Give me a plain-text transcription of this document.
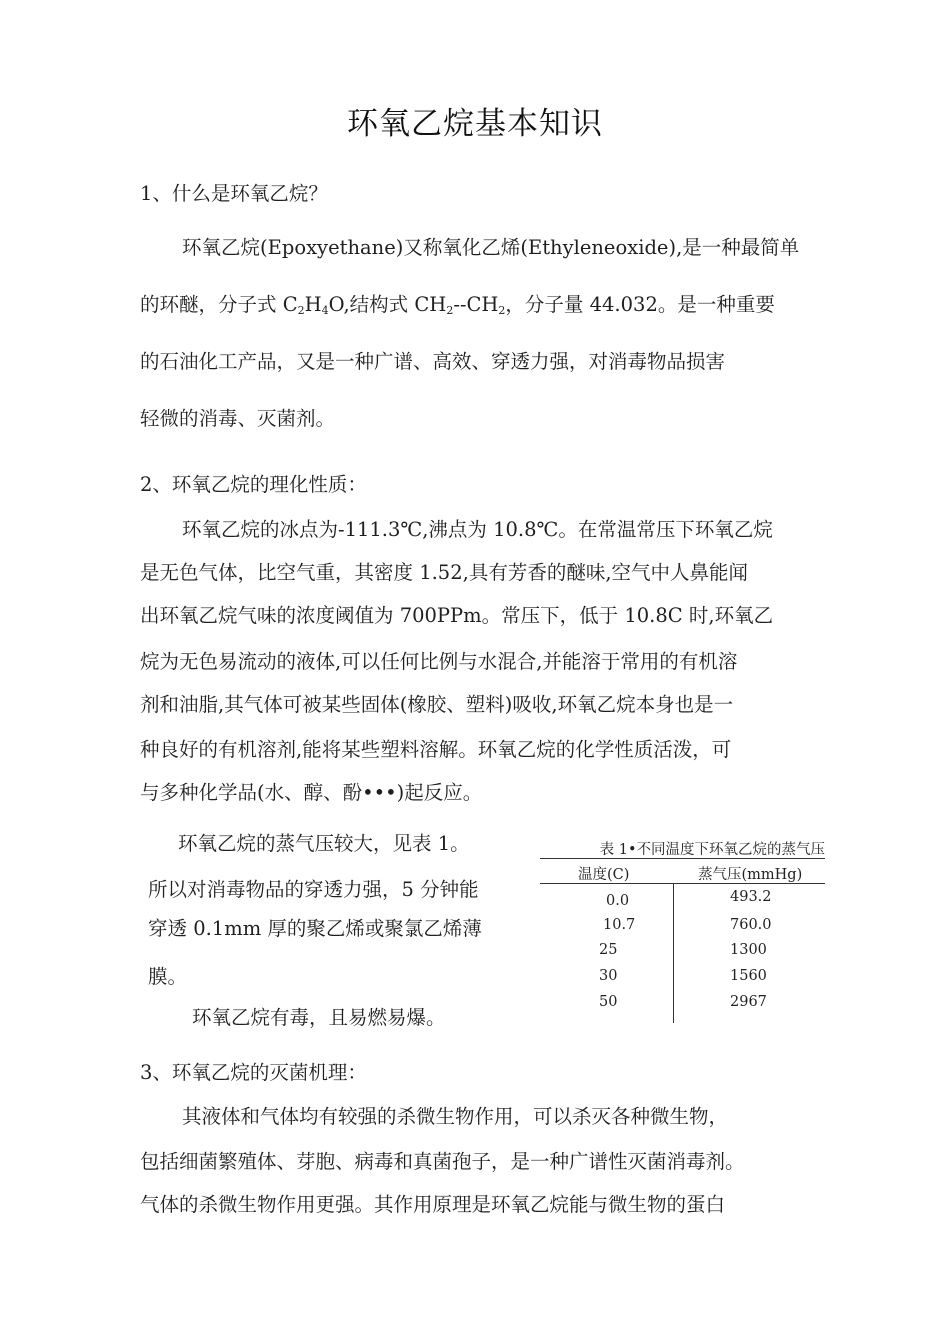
环氧乙烷基本知识
1、什么是环氧乙烷？
环氧乙烷(Epoxyethane)又称氧化乙烯(Ethyleneoxide),是一种最简单
的环醚，分子式 $C_2H_4O$,结构式 $CH_2--CH_2$，分子量 44.032。是一种重要
的石油化工产品，又是一种广谱、高效、穿透力强，对消毒物品损害
轻微的消毒、灭菌剂。
2、环氧乙烷的理化性质：
环氧乙烷的冰点为-111.3℃,沸点为 10.8℃。在常温常压下环氧乙烷
是无色气体，比空气重，其密度 1.52,具有芳香的醚味,空气中人鼻能闻
出环氧乙烷气味的浓度阈值为 700PPm。常压下，低于 10.8C 时,环氧乙
烷为无色易流动的液体,可以任何比例与水混合,并能溶于常用的有机溶
剂和油脂,其气体可被某些固体(橡胶、塑料)吸收,环氧乙烷本身也是一
种良好的有机溶剂,能将某些塑料溶解。环氧乙烷的化学性质活泼，可
与多种化学品(水、醇、酚•••)起反应。
环氧乙烷的蒸气压较大，见表 1。
所以对消毒物品的穿透力强，5 分钟能
穿透 0.1mm 厚的聚乙烯或聚氯乙烯薄
膜。
环氧乙烷有毒，且易燃易爆。
表 1•不同温度下环氧乙烷的蒸气压
温度(C)	蒸气压(mmHg)
0.0	493.2
10.7	760.0
25	1300
30	1560
50	2967
3、环氧乙烷的灭菌机理：
其液体和气体均有较强的杀微生物作用，可以杀灭各种微生物，
包括细菌繁殖体、芽胞、病毒和真菌孢子，是一种广谱性灭菌消毒剂。
气体的杀微生物作用更强。其作用原理是环氧乙烷能与微生物的蛋白
